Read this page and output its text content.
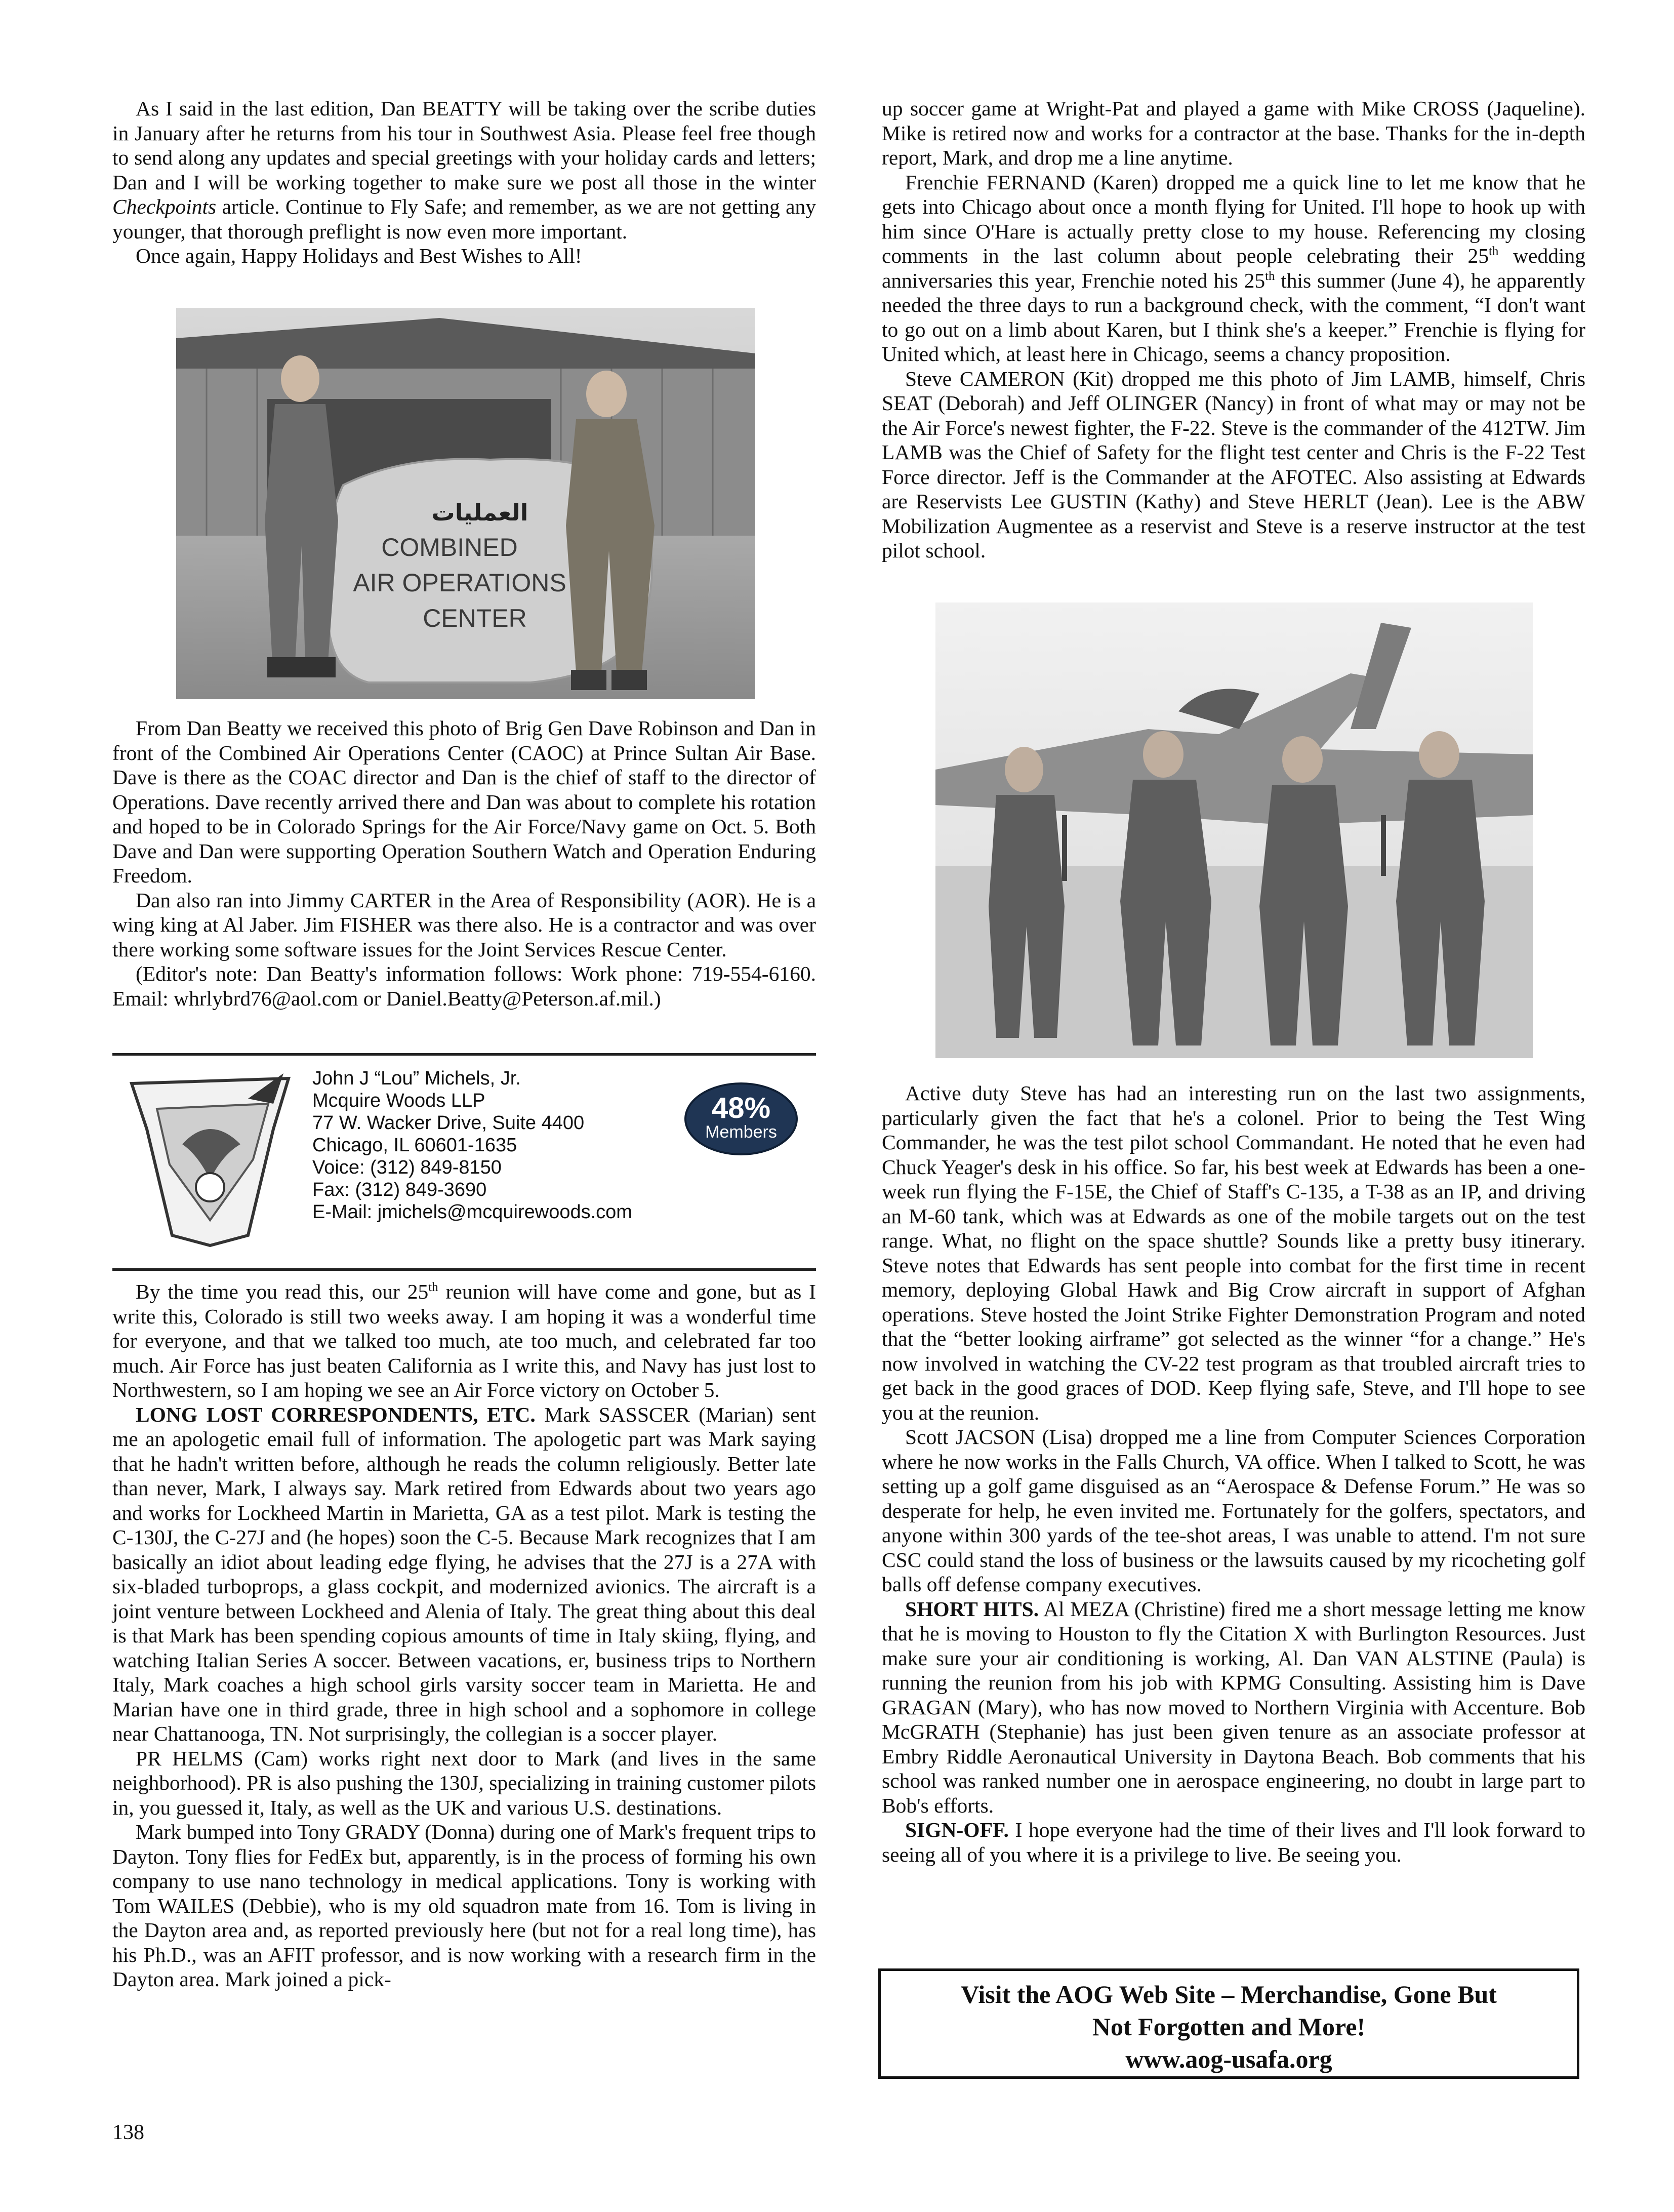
As I said in the last edition, Dan BEATTY will be taking over the scribe duties in January after he returns from his tour in Southwest Asia. Please feel free though to send along any updates and special greetings with your holiday cards and letters; Dan and I will be working together to make sure we post all those in the winter Checkpoints article. Continue to Fly Safe; and remember, as we are not getting any younger, that thorough preflight is now even more important.

Once again, Happy Holidays and Best Wishes to All!

العمليات
COMBINED
AIR OPERATIONS
CENTER

From Dan Beatty we received this photo of Brig Gen Dave Robinson and Dan in front of the Combined Air Operations Center (CAOC) at Prince Sultan Air Base. Dave is there as the COAC director and Dan is the chief of staff to the director of Operations. Dave recently arrived there and Dan was about to complete his rotation and hoped to be in Colorado Springs for the Air Force/Navy game on Oct. 5. Both Dave and Dan were supporting Operation Southern Watch and Operation Enduring Freedom.

Dan also ran into Jimmy CARTER in the Area of Responsibility (AOR). He is a wing king at Al Jaber. Jim FISHER was there also. He is a contractor and was over there working some software issues for the Joint Services Rescue Center.

(Editor's note: Dan Beatty's information follows: Work phone: 719-554-6160. Email: whrlybrd76@aol.com or Daniel.Beatty@Peterson.af.mil.)

John J “Lou” Michels, Jr.
Mcquire Woods LLP
77 W. Wacker Drive, Suite 4400
Chicago, IL 60601-1635
Voice: (312) 849-8150
Fax: (312) 849-3690
E-Mail: jmichels@mcquirewoods.com
48%
Members

By the time you read this, our 25th reunion will have come and gone, but as I write this, Colorado is still two weeks away. I am hoping it was a wonderful time for everyone, and that we talked too much, ate too much, and celebrated far too much. Air Force has just beaten California as I write this, and Navy has just lost to Northwestern, so I am hoping we see an Air Force victory on October 5.

LONG LOST CORRESPONDENTS, ETC. Mark SASSCER (Marian) sent me an apologetic email full of information. The apologetic part was Mark saying that he hadn't written before, although he reads the column religiously. Better late than never, Mark, I always say. Mark retired from Edwards about two years ago and works for Lockheed Martin in Marietta, GA as a test pilot. Mark is testing the C-130J, the C-27J and (he hopes) soon the C-5. Because Mark recognizes that I am basically an idiot about leading edge flying, he advises that the 27J is a 27A with six-bladed turboprops, a glass cockpit, and modernized avionics. The aircraft is a joint venture between Lockheed and Alenia of Italy. The great thing about this deal is that Mark has been spending copious amounts of time in Italy skiing, flying, and watching Italian Series A soccer. Between vacations, er, business trips to Northern Italy, Mark coaches a high school girls varsity soccer team in Marietta. He and Marian have one in third grade, three in high school and a sophomore in college near Chattanooga, TN. Not surprisingly, the collegian is a soccer player.

PR HELMS (Cam) works right next door to Mark (and lives in the same neighborhood). PR is also pushing the 130J, specializing in training customer pilots in, you guessed it, Italy, as well as the UK and various U.S. destinations.

Mark bumped into Tony GRADY (Donna) during one of Mark's frequent trips to Dayton. Tony flies for FedEx but, apparently, is in the process of forming his own company to use nano technology in medical applications. Tony is working with Tom WAILES (Debbie), who is my old squadron mate from 16. Tom is living in the Dayton area and, as reported previously here (but not for a real long time), has his Ph.D., was an AFIT professor, and is now working with a research firm in the Dayton area. Mark joined a pick-

up soccer game at Wright-Pat and played a game with Mike CROSS (Jaqueline). Mike is retired now and works for a contractor at the base. Thanks for the in-depth report, Mark, and drop me a line anytime.

Frenchie FERNAND (Karen) dropped me a quick line to let me know that he gets into Chicago about once a month flying for United. I'll hope to hook up with him since O'Hare is actually pretty close to my house. Referencing my closing comments in the last column about people celebrating their 25th wedding anniversaries this year, Frenchie noted his 25th this summer (June 4), he apparently needed the three days to run a background check, with the comment, “I don't want to go out on a limb about Karen, but I think she's a keeper.” Frenchie is flying for United which, at least here in Chicago, seems a chancy proposition.

Steve CAMERON (Kit) dropped me this photo of Jim LAMB, himself, Chris SEAT (Deborah) and Jeff OLINGER (Nancy) in front of what may or may not be the Air Force's newest fighter, the F-22. Steve is the commander of the 412TW. Jim LAMB was the Chief of Safety for the flight test center and Chris is the F-22 Test Force director. Jeff is the Commander at the AFOTEC. Also assisting at Edwards are Reservists Lee GUSTIN (Kathy) and Steve HERLT (Jean). Lee is the ABW Mobilization Augmentee as a reservist and Steve is a reserve instructor at the test pilot school.

Active duty Steve has had an interesting run on the last two assignments, particularly given the fact that he's a colonel. Prior to being the Test Wing Commander, he was the test pilot school Commandant. He noted that he even had Chuck Yeager's desk in his office. So far, his best week at Edwards has been a one-week run flying the F-15E, the Chief of Staff's C-135, a T-38 as an IP, and driving an M-60 tank, which was at Edwards as one of the mobile targets out on the test range. What, no flight on the space shuttle? Sounds like a pretty busy itinerary. Steve notes that Edwards has sent people into combat for the first time in recent memory, deploying Global Hawk and Big Crow aircraft in support of Afghan operations. Steve hosted the Joint Strike Fighter Demonstration Program and noted that the “better looking airframe” got selected as the winner “for a change.” He's now involved in watching the CV-22 test program as that troubled aircraft tries to get back in the good graces of DOD. Keep flying safe, Steve, and I'll hope to see you at the reunion.

Scott JACSON (Lisa) dropped me a line from Computer Sciences Corporation where he now works in the Falls Church, VA office. When I talked to Scott, he was setting up a golf game disguised as an “Aerospace & Defense Forum.” He was so desperate for help, he even invited me. Fortunately for the golfers, spectators, and anyone within 300 yards of the tee-shot areas, I was unable to attend. I'm not sure CSC could stand the loss of business or the lawsuits caused by my ricocheting golf balls off defense company executives.

SHORT HITS. Al MEZA (Christine) fired me a short message letting me know that he is moving to Houston to fly the Citation X with Burlington Resources. Just make sure your air conditioning is working, Al. Dan VAN ALSTINE (Paula) is running the reunion from his job with KPMG Consulting. Assisting him is Dave GRAGAN (Mary), who has now moved to Northern Virginia with Accenture. Bob McGRATH (Stephanie) has just been given tenure as an associate professor at Embry Riddle Aeronautical University in Daytona Beach. Bob comments that his school was ranked number one in aerospace engineering, no doubt in large part to Bob's efforts.

SIGN-OFF. I hope everyone had the time of their lives and I'll look forward to seeing all of you where it is a privilege to live. Be seeing you.

Visit the AOG Web Site – Merchandise, Gone But
Not Forgotten and More!
www.aog-usafa.org
138
